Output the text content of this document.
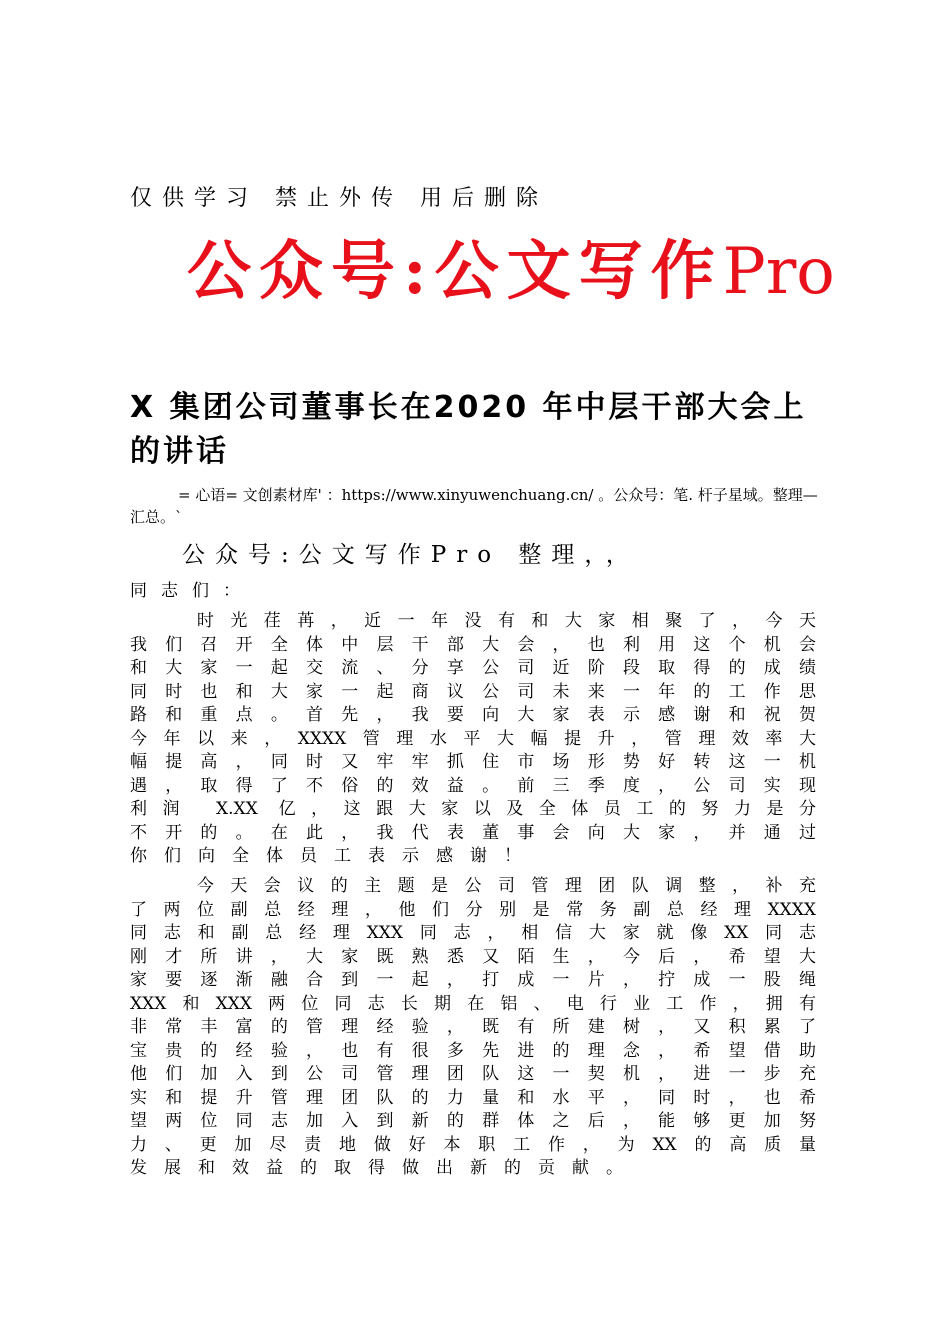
仅供学习 禁止外传 用后删除
公众号:公文写作Pro
X 集团公司董事长在2020 年中层干部大会上的讲话
= 心语= 文创素材库' ：https://www.xinyuwenchuang.cn/ 。公众号：笔. 杆子星域。整理—汇总。`
公众号:公文写作Pro 整理，，
同志们：
　　时光荏苒，近一年没有和大家相聚了，今天
我们召开全体中层干部大会，也利用这个机会
和大家一起交流、分享公司近阶段取得的成绩
同时也和大家一起商议公司未来一年的工作思
路和重点。首先，我要向大家表示感谢和祝贺
今年以来，XXXX管理水平大幅提升，管理效率大
幅提高，同时又牢牢抓住市场形势好转这一机
遇，取得了不俗的效益。前三季度，公司实现
利润 X.XX 亿，这跟大家以及全体员工的努力是分
不开的。在此，我代表董事会向大家，并通过
你们向全体员工表示感谢！
　　今天会议的主题是公司管理团队调整，补充
了两位副总经理，他们分别是常务副总经理XXXX
同志和副总经理XXX同志，相信大家就像XX同志
刚才所讲，大家既熟悉又陌生，今后，希望大
家要逐渐融合到一起，打成一片，拧成一股绳
XXX和XXX两位同志长期在铝、电行业工作，拥有
非常丰富的管理经验，既有所建树，又积累了
宝贵的经验，也有很多先进的理念，希望借助
他们加入到公司管理团队这一契机，进一步充
实和提升管理团队的力量和水平，同时，也希
望两位同志加入到新的群体之后，能够更加努
力、更加尽责地做好本职工作，为XX的高质量
发展和效益的取得做出新的贡献。
